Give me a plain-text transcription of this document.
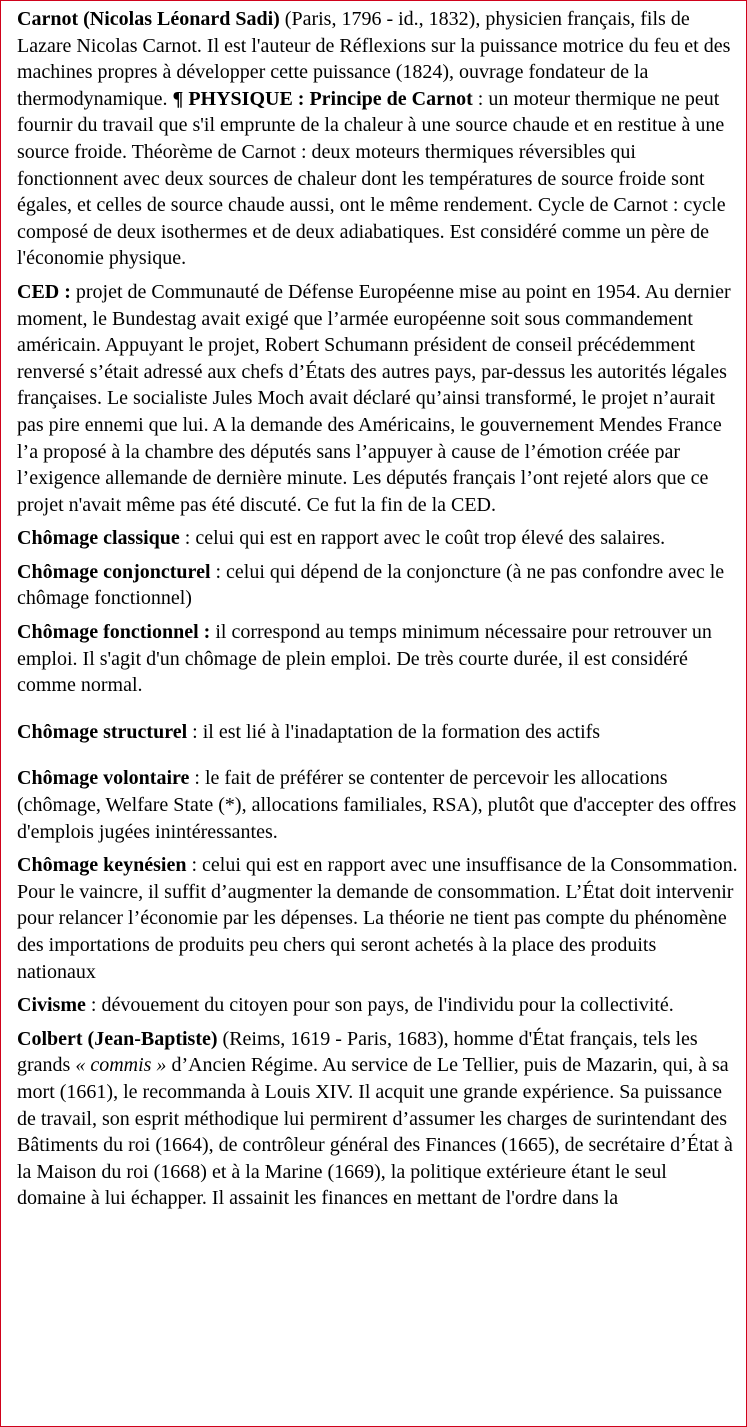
Carnot (Nicolas Léonard Sadi) (Paris, 1796 - id., 1832), physicien français, fils de Lazare Nicolas Carnot. Il est l'auteur de Réflexions sur la puissance motrice du feu et des machines propres à développer cette puissance (1824), ouvrage fondateur de la thermodynamique. ¶ PHYSIQUE : Principe de Carnot : un moteur thermique ne peut fournir du travail que s'il emprunte de la chaleur à une source chaude et en restitue à une source froide. Théorème de Carnot : deux moteurs thermiques réversibles qui fonctionnent avec deux sources de chaleur dont les températures de source froide sont égales, et celles de source chaude aussi, ont le même rendement. Cycle de Carnot : cycle composé de deux isothermes et de deux adiabatiques. Est considéré comme un père de l'économie physique.

CED : projet de Communauté de Défense Européenne mise au point en 1954. Au dernier moment, le Bundestag avait exigé que l’armée européenne soit sous commandement américain. Appuyant le projet, Robert Schumann président de conseil précédemment renversé s’était adressé aux chefs d’États des autres pays, par-dessus les autorités légales françaises. Le socialiste Jules Moch avait déclaré qu’ainsi transformé, le projet n’aurait pas pire ennemi que lui. A la demande des Américains, le gouvernement Mendes France l’a proposé à la chambre des députés sans l’appuyer à cause de l’émotion créée par l’exigence allemande de dernière minute. Les députés français l’ont rejeté alors que ce projet n'avait même pas été discuté. Ce fut la fin de la CED.

Chômage classique : celui qui est en rapport avec le coût trop élevé des salaires.

Chômage conjoncturel : celui qui dépend de la conjoncture (à ne pas confondre avec le chômage fonctionnel)

Chômage fonctionnel : il correspond au temps minimum nécessaire pour retrouver un emploi. Il s'agit d'un chômage de plein emploi. De très courte durée, il est considéré comme normal.

Chômage structurel : il est lié à l'inadaptation de la formation des actifs

Chômage volontaire : le fait de préférer se contenter de percevoir les allocations (chômage, Welfare State (*), allocations familiales, RSA), plutôt que d'accepter des offres d'emplois jugées inintéressantes.

Chômage keynésien : celui qui est en rapport avec une insuffisance de la Consommation. Pour le vaincre, il suffit d’augmenter la demande de consommation. L’État doit intervenir pour relancer l’économie par les dépenses. La théorie ne tient pas compte du phénomène des importations de produits peu chers qui seront achetés à la place des produits nationaux

Civisme : dévouement du citoyen pour son pays, de l'individu pour la collectivité.

Colbert (Jean-Baptiste) (Reims, 1619 - Paris, 1683), homme d'État français, tels les grands « commis » d’Ancien Régime. Au service de Le Tellier, puis de Mazarin, qui, à sa mort (1661), le recommanda à Louis XIV. Il acquit une grande expérience. Sa puissance de travail, son esprit méthodique lui permirent d’assumer les charges de surintendant des Bâtiments du roi (1664), de contrôleur général des Finances (1665), de secrétaire d’État à la Maison du roi (1668) et à la Marine (1669), la politique extérieure étant le seul domaine à lui échapper. Il assainit les finances en mettant de l'ordre dans la
